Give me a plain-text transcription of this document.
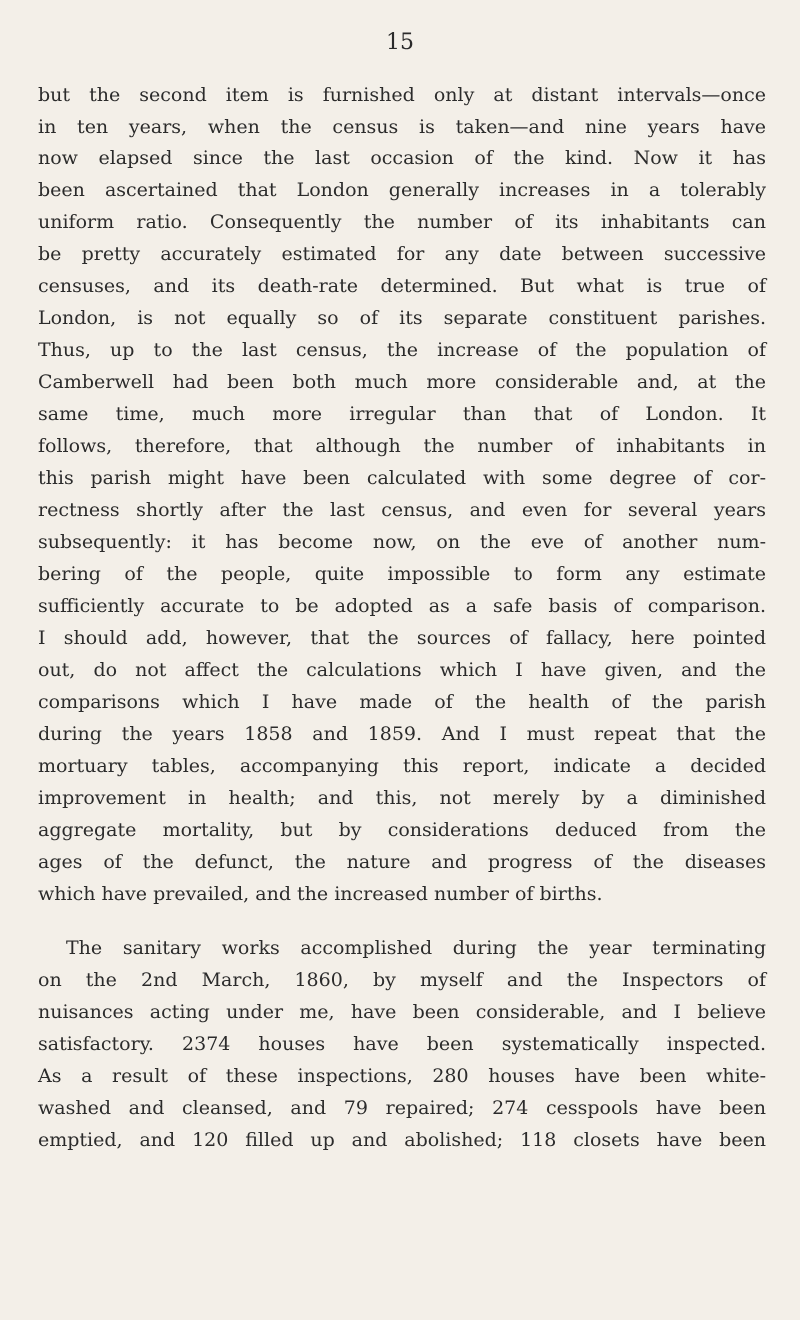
15
but the second item is furnished only at distant intervals—once
in ten years, when the census is taken—and nine years have
now elapsed since the last occasion of the kind. Now it has
been ascertained that London generally increases in a tolerably
uniform ratio. Consequently the number of its inhabitants can
be pretty accurately estimated for any date between successive
censuses, and its death-rate determined. But what is true of
London, is not equally so of its separate constituent parishes.
Thus, up to the last census, the increase of the population of
Camberwell had been both much more considerable and, at the
same time, much more irregular than that of London. It
follows, therefore, that although the number of inhabitants in
this parish might have been calculated with some degree of cor-
rectness shortly after the last census, and even for several years
subsequently: it has become now, on the eve of another num-
bering of the people, quite impossible to form any estimate
sufficiently accurate to be adopted as a safe basis of comparison.
I should add, however, that the sources of fallacy, here pointed
out, do not affect the calculations which I have given, and the
comparisons which I have made of the health of the parish
during the years 1858 and 1859. And I must repeat that the
mortuary tables, accompanying this report, indicate a decided
improvement in health; and this, not merely by a diminished
aggregate mortality, but by considerations deduced from the
ages of the defunct, the nature and progress of the diseases
which have prevailed, and the increased number of births.
The sanitary works accomplished during the year terminating
on the 2nd March, 1860, by myself and the Inspectors of
nuisances acting under me, have been considerable, and I believe
satisfactory. 2374 houses have been systematically inspected.
As a result of these inspections, 280 houses have been white-
washed and cleansed, and 79 repaired; 274 cesspools have been
emptied, and 120 filled up and abolished; 118 closets have been
